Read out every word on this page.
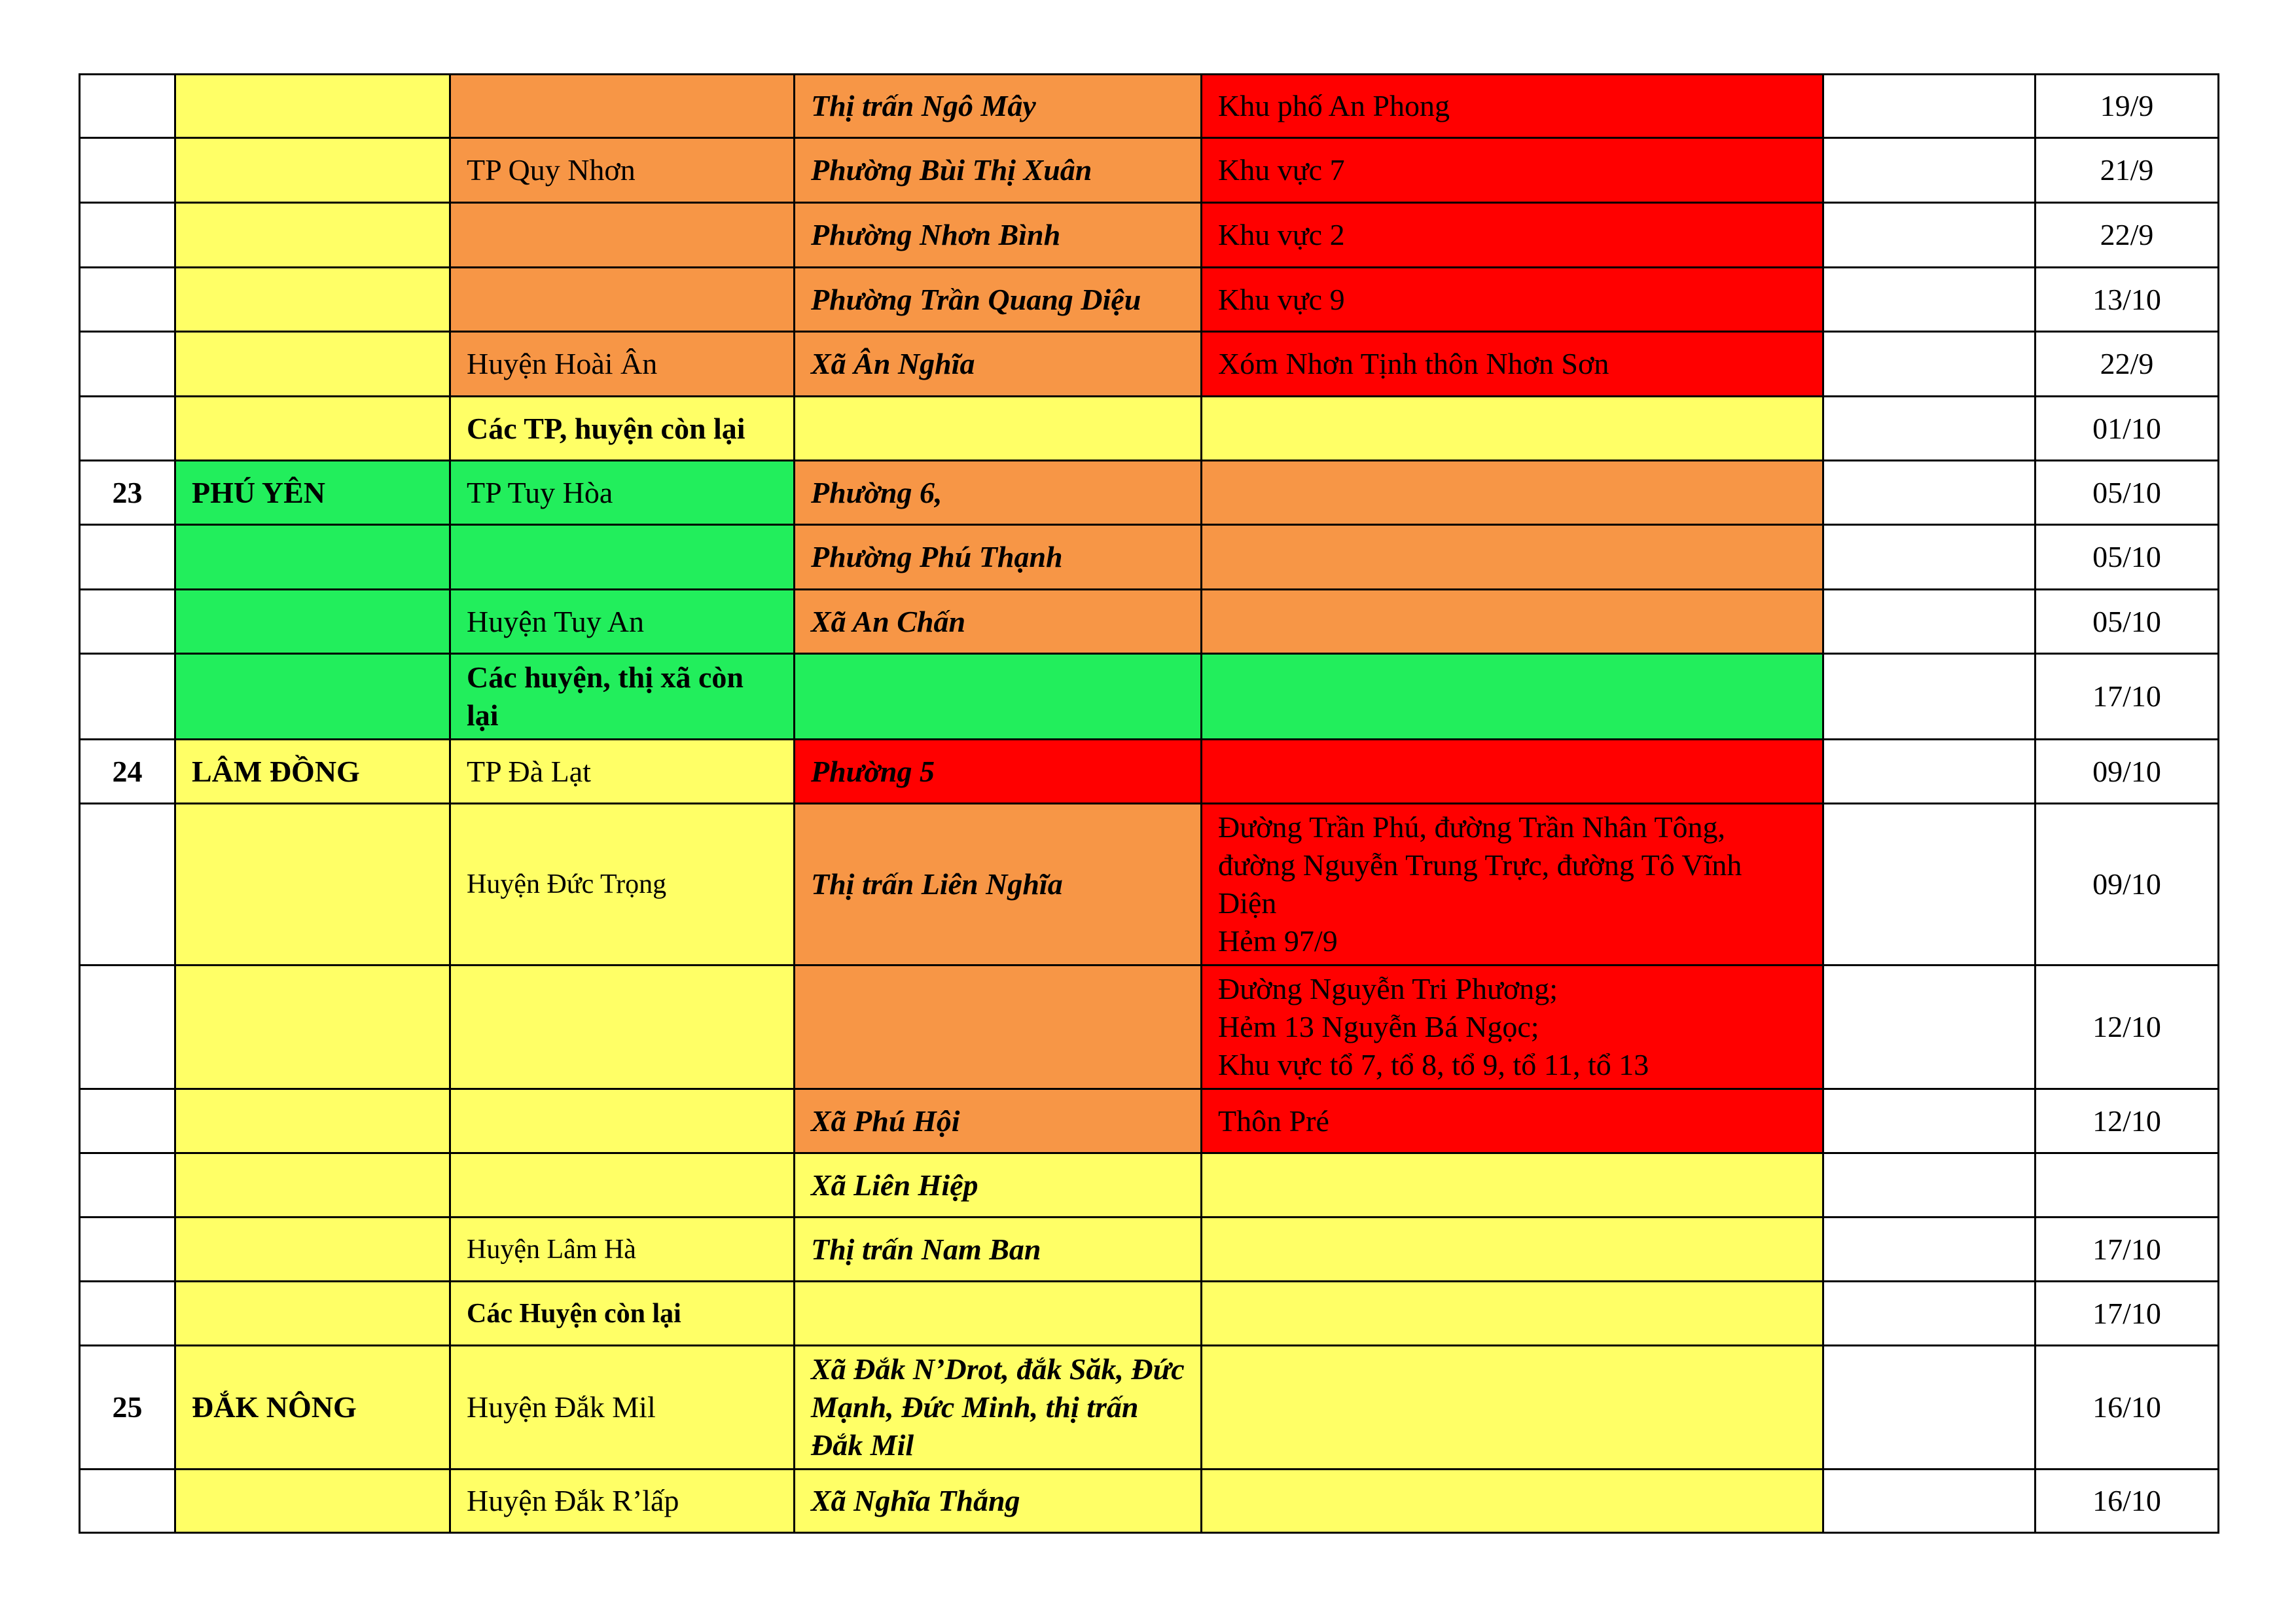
			Thị trấn Ngô Mây	Khu phố An Phong		19/9
		TP Quy Nhơn	Phường Bùi Thị Xuân	Khu vực 7		21/9
			Phường Nhơn Bình	Khu vực 2		22/9
			Phường Trần Quang Diệu	Khu vực 9		13/10
		Huyện Hoài Ân	Xã Ân Nghĩa	Xóm Nhơn Tịnh thôn Nhơn Sơn		22/9
		Các TP, huyện còn lại				01/10
23	PHÚ YÊN	TP Tuy Hòa	Phường 6,			05/10
			Phường Phú Thạnh			05/10
		Huyện Tuy An	Xã An Chấn			05/10
		Các huyện, thị xã còn lại				17/10
24	LÂM ĐỒNG	TP Đà Lạt	Phường 5			09/10
		Huyện Đức Trọng	Thị trấn Liên Nghĩa	Đường Trần Phú, đường Trần Nhân Tông, đường Nguyễn Trung Trực, đường Tô Vĩnh Diện
Hẻm 97/9		09/10
				Đường Nguyễn Tri Phương;
Hẻm 13 Nguyễn Bá Ngọc;
Khu vực tổ 7, tổ 8, tổ 9, tổ 11, tổ 13		12/10
			Xã Phú Hội	Thôn Pré		12/10
			Xã Liên Hiệp			
		Huyện Lâm Hà	Thị trấn Nam Ban			17/10
		Các Huyện còn lại				17/10
25	ĐẮK NÔNG	Huyện Đắk Mil	Xã Đắk N’Drot, đắk Săk, Đức Mạnh, Đức Minh, thị trấn Đắk Mil			16/10
		Huyện Đắk R’lấp	Xã Nghĩa Thắng			16/10
